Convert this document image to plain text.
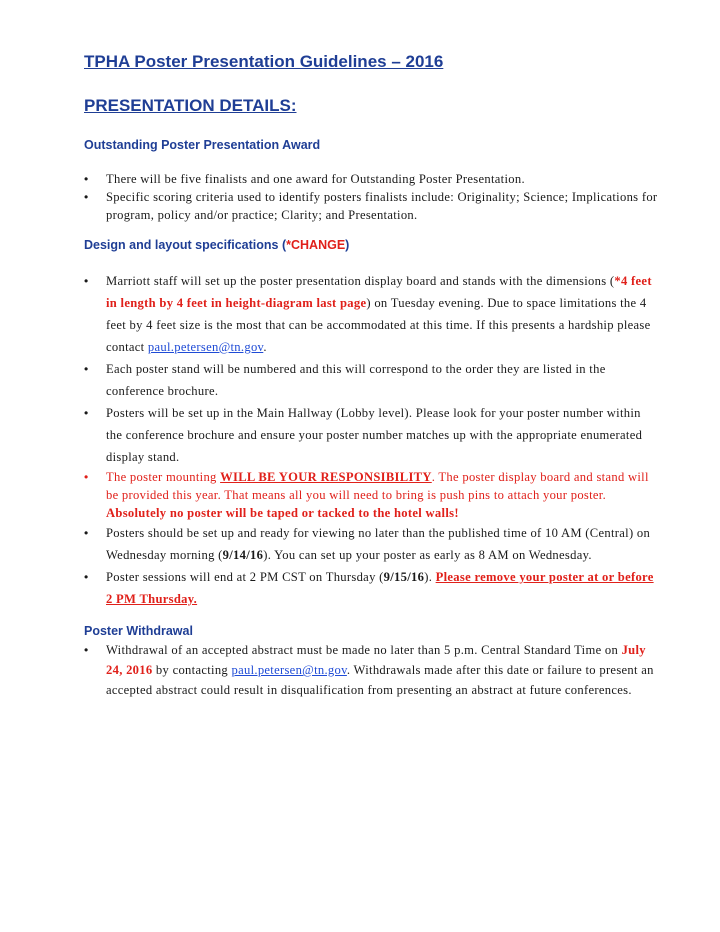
TPHA Poster Presentation Guidelines – 2016
PRESENTATION DETAILS:
Outstanding Poster Presentation Award
• There will be five finalists and one award for Outstanding Poster Presentation.
• Specific scoring criteria used to identify posters finalists include: Originality; Science; Implications for program, policy and/or practice; Clarity; and Presentation.
Design and layout specifications (*CHANGE)
• Marriott staff will set up the poster presentation display board and stands with the dimensions (*4 feet in length by 4 feet in height-diagram last page) on Tuesday evening. Due to space limitations the 4 feet by 4 feet size is the most that can be accommodated at this time. If this presents a hardship please contact paul.petersen@tn.gov.
• Each poster stand will be numbered and this will correspond to the order they are listed in the conference brochure.
• Posters will be set up in the Main Hallway (Lobby level). Please look for your poster number within the conference brochure and ensure your poster number matches up with the appropriate enumerated display stand.
• The poster mounting WILL BE YOUR RESPONSIBILITY. The poster display board and stand will be provided this year. That means all you will need to bring is push pins to attach your poster. Absolutely no poster will be taped or tacked to the hotel walls!
• Posters should be set up and ready for viewing no later than the published time of 10 AM (Central) on Wednesday morning (9/14/16). You can set up your poster as early as 8 AM on Wednesday.
• Poster sessions will end at 2 PM CST on Thursday (9/15/16). Please remove your poster at or before 2 PM Thursday.
Poster Withdrawal
• Withdrawal of an accepted abstract must be made no later than 5 p.m. Central Standard Time on July 24, 2016 by contacting paul.petersen@tn.gov. Withdrawals made after this date or failure to present an accepted abstract could result in disqualification from presenting an abstract at future conferences.
